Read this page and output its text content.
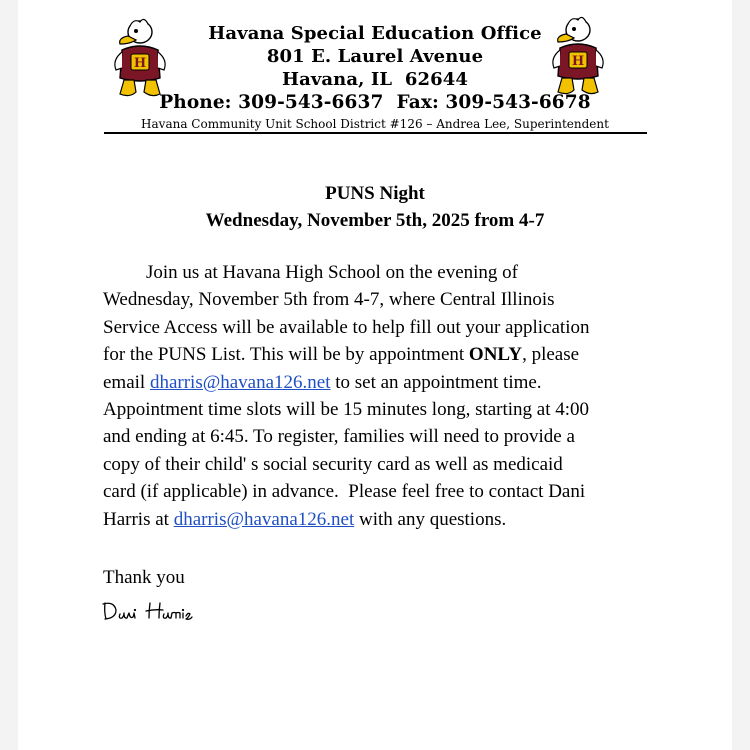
H	H
Havana Special Education Office
801 E. Laurel Avenue
Havana, IL  62644
Phone: 309-543-6637  Fax: 309-543-6678
Havana Community Unit School District #126 – Andrea Lee, Superintendent
PUNS Night
Wednesday, November 5th, 2025 from 4-7
Join us at Havana High School on the evening of
Wednesday, November 5th from 4-7, where Central Illinois
Service Access will be available to help fill out your application
for the PUNS List. This will be by appointment ONLY, please
email dharris@havana126.net to set an appointment time.
Appointment time slots will be 15 minutes long, starting at 4:00
and ending at 6:45. To register, families will need to provide a
copy of their child' s social security card as well as medicaid
card (if applicable) in advance.  Please feel free to contact Dani
Harris at dharris@havana126.net with any questions.
Thank you
